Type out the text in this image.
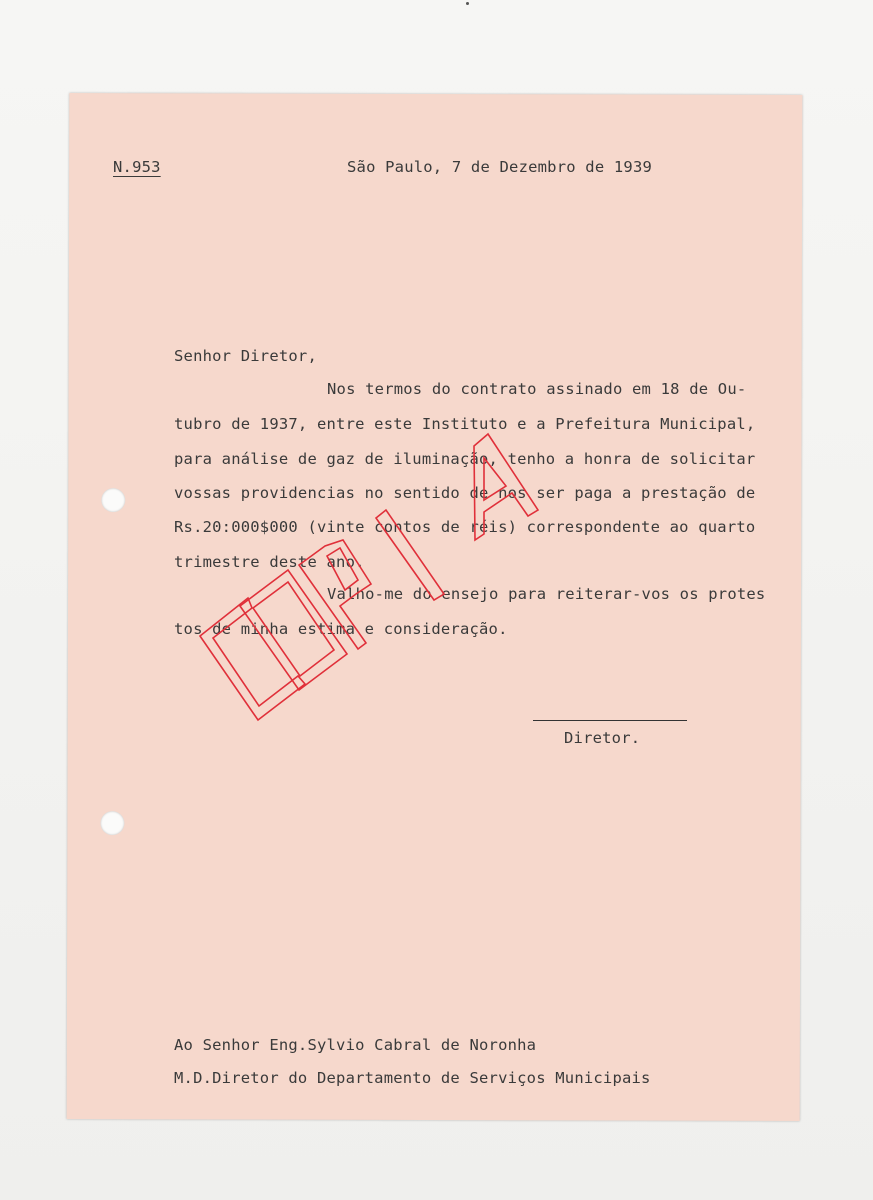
N.953	São Paulo, 7 de Dezembro de 1939
Senhor Diretor,
Nos termos do contrato assinado em 18 de Ou-
tubro de 1937, entre este Instituto e a Prefeitura Municipal,
para análise de gaz de iluminação, tenho a honra de solicitar
vossas providencias no sentido de nos ser paga a prestação de
Rs.20:000$000 (vinte contos de réis) correspondente ao quarto
trimestre deste ano.
Valho-me do ensejo para reiterar-vos os protes
tos de minha estima e consideração.
Diretor.
Ao Senhor Eng.Sylvio Cabral de Noronha
M.D.Diretor do Departamento de Serviços Municipais
